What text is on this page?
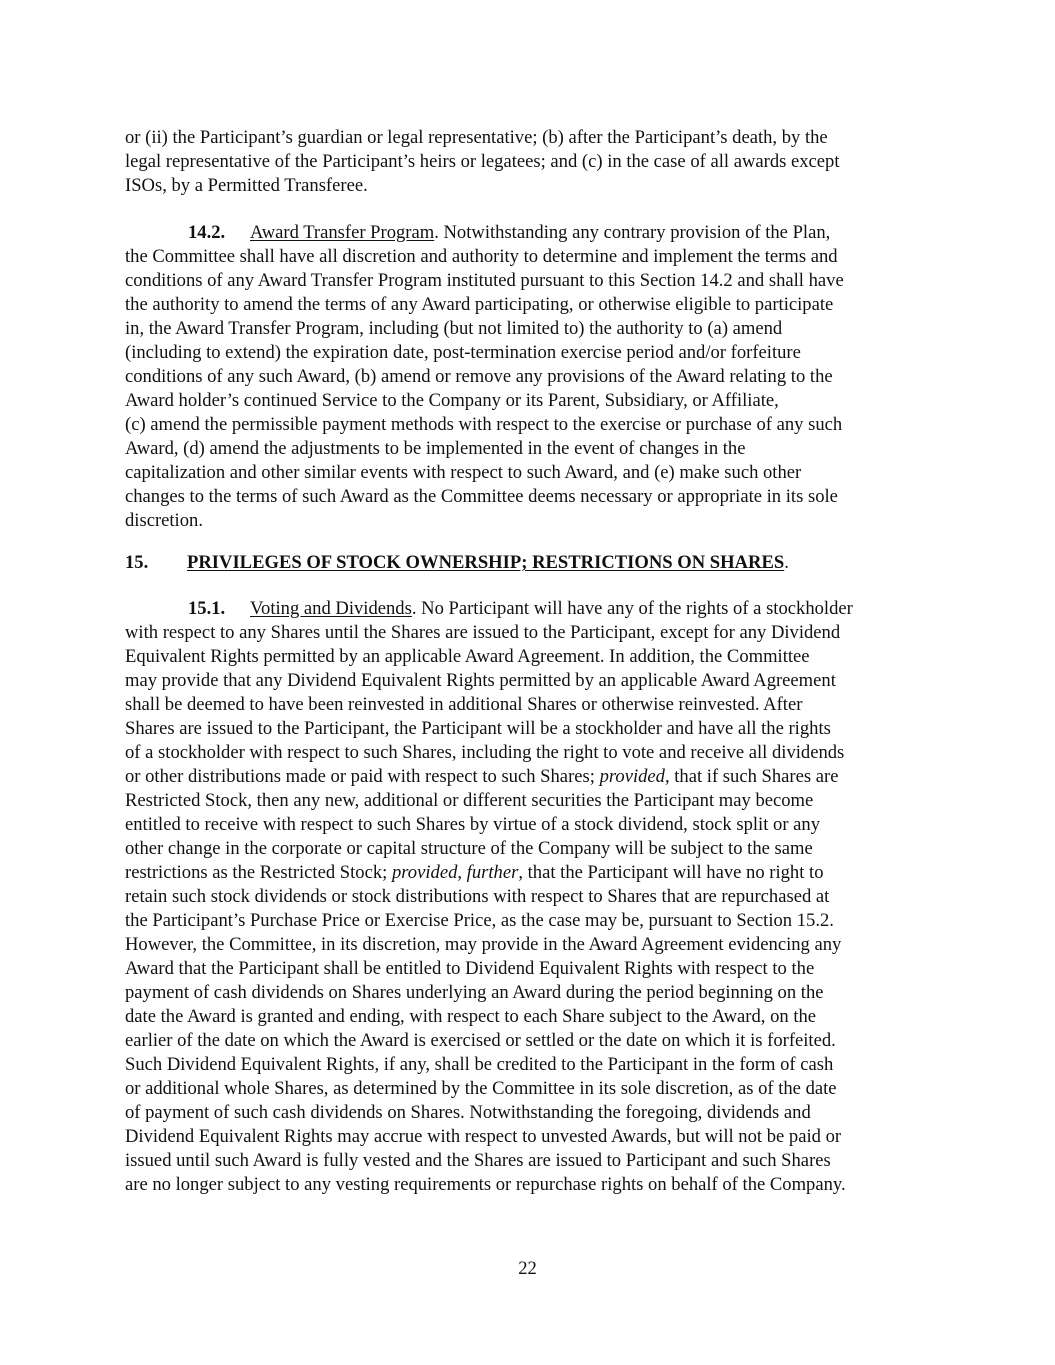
or (ii) the Participant’s guardian or legal representative; (b) after the Participant’s death, by the
legal representative of the Participant’s heirs or legatees; and (c) in the case of all awards except
ISOs, by a Permitted Transferee.
14.2. Award Transfer Program. Notwithstanding any contrary provision of the Plan,
the Committee shall have all discretion and authority to determine and implement the terms and
conditions of any Award Transfer Program instituted pursuant to this Section 14.2 and shall have
the authority to amend the terms of any Award participating, or otherwise eligible to participate
in, the Award Transfer Program, including (but not limited to) the authority to (a) amend
(including to extend) the expiration date, post-termination exercise period and/or forfeiture
conditions of any such Award, (b) amend or remove any provisions of the Award relating to the
Award holder’s continued Service to the Company or its Parent, Subsidiary, or Affiliate,
(c) amend the permissible payment methods with respect to the exercise or purchase of any such
Award, (d) amend the adjustments to be implemented in the event of changes in the
capitalization and other similar events with respect to such Award, and (e) make such other
changes to the terms of such Award as the Committee deems necessary or appropriate in its sole
discretion.
15. PRIVILEGES OF STOCK OWNERSHIP; RESTRICTIONS ON SHARES.
15.1. Voting and Dividends. No Participant will have any of the rights of a stockholder
with respect to any Shares until the Shares are issued to the Participant, except for any Dividend
Equivalent Rights permitted by an applicable Award Agreement. In addition, the Committee
may provide that any Dividend Equivalent Rights permitted by an applicable Award Agreement
shall be deemed to have been reinvested in additional Shares or otherwise reinvested. After
Shares are issued to the Participant, the Participant will be a stockholder and have all the rights
of a stockholder with respect to such Shares, including the right to vote and receive all dividends
or other distributions made or paid with respect to such Shares; provided, that if such Shares are
Restricted Stock, then any new, additional or different securities the Participant may become
entitled to receive with respect to such Shares by virtue of a stock dividend, stock split or any
other change in the corporate or capital structure of the Company will be subject to the same
restrictions as the Restricted Stock; provided, further, that the Participant will have no right to
retain such stock dividends or stock distributions with respect to Shares that are repurchased at
the Participant’s Purchase Price or Exercise Price, as the case may be, pursuant to Section 15.2.
However, the Committee, in its discretion, may provide in the Award Agreement evidencing any
Award that the Participant shall be entitled to Dividend Equivalent Rights with respect to the
payment of cash dividends on Shares underlying an Award during the period beginning on the
date the Award is granted and ending, with respect to each Share subject to the Award, on the
earlier of the date on which the Award is exercised or settled or the date on which it is forfeited.
Such Dividend Equivalent Rights, if any, shall be credited to the Participant in the form of cash
or additional whole Shares, as determined by the Committee in its sole discretion, as of the date
of payment of such cash dividends on Shares. Notwithstanding the foregoing, dividends and
Dividend Equivalent Rights may accrue with respect to unvested Awards, but will not be paid or
issued until such Award is fully vested and the Shares are issued to Participant and such Shares
are no longer subject to any vesting requirements or repurchase rights on behalf of the Company.
22
